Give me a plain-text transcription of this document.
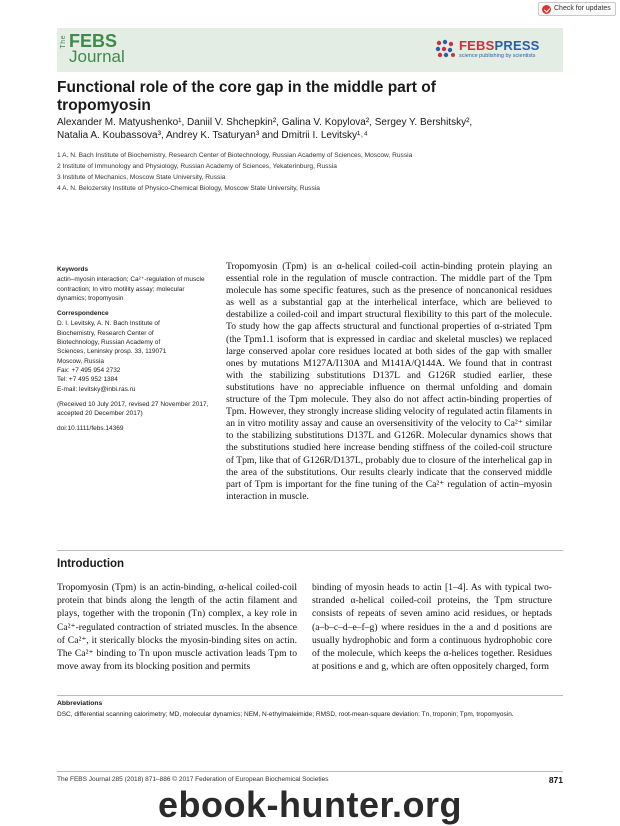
Check for updates
The FEBS
Journal
FEBSPRESS
science publishing by scientists
Functional role of the core gap in the middle part of
tropomyosin
Alexander M. Matyushenko¹, Daniil V. Shchepkin², Galina V. Kopylova², Sergey Y. Bershitsky²,
Natalia A. Koubassova³, Andrey K. Tsaturyan³ and Dmitrii I. Levitsky¹˒⁴
1 A. N. Bach Institute of Biochemistry, Research Center of Biotechnology, Russian Academy of Sciences, Moscow, Russia
2 Institute of Immunology and Physiology, Russian Academy of Sciences, Yekaterinburg, Russia
3 Institute of Mechanics, Moscow State University, Russia
4 A. N. Belozersky Institute of Physico-Chemical Biology, Moscow State University, Russia
Keywords
actin–myosin interaction; Ca²⁺-regulation of muscle contraction; In vitro motility assay; molecular dynamics; tropomyosin
Correspondence
D. I. Levitsky, A. N. Bach Institute of
Biochemistry, Research Center of
Biotechnology, Russian Academy of
Sciences, Leninsky prosp. 33, 119071
Moscow, Russia
Fax: +7 495 954 2732
Tel: +7 495 952 1384
E-mail: levitsky@inbi.ras.ru
(Received 10 July 2017, revised 27 November 2017, accepted 20 December 2017)
doi:10.1111/febs.14369
Tropomyosin (Tpm) is an α-helical coiled-coil actin-binding protein playing an essential role in the regulation of muscle contraction. The middle part of the Tpm molecule has some specific features, such as the presence of noncanonical residues as well as a substantial gap at the interhelical interface, which are believed to destabilize a coiled-coil and impart structural flexibility to this part of the molecule. To study how the gap affects structural and functional properties of α-striated Tpm (the Tpm1.1 isoform that is expressed in cardiac and skeletal muscles) we replaced large conserved apolar core residues located at both sides of the gap with smaller ones by mutations M127A/I130A and M141A/Q144A. We found that in contrast with the stabilizing substitutions D137L and G126R studied earlier, these substitutions have no appreciable influence on thermal unfolding and domain structure of the Tpm molecule. They also do not affect actin-binding properties of Tpm. However, they strongly increase sliding velocity of regulated actin filaments in an in vitro motility assay and cause an oversensitivity of the velocity to Ca²⁺ similar to the stabilizing substitutions D137L and G126R. Molecular dynamics shows that the substitutions studied here increase bending stiffness of the coiled-coil structure of Tpm, like that of G126R/D137L, probably due to closure of the interhelical gap in the area of the substitutions. Our results clearly indicate that the conserved middle part of Tpm is important for the fine tuning of the Ca²⁺ regulation of actin–myosin interaction in muscle.
Introduction
Tropomyosin (Tpm) is an actin-binding, α-helical coiled-coil protein that binds along the length of the actin filament and plays, together with the troponin (Tn) complex, a key role in Ca²⁺-regulated contraction of striated muscles. In the absence of Ca²⁺, it sterically blocks the myosin-binding sites on actin. The Ca²⁺ binding to Tn upon muscle activation leads Tpm to move away from its blocking position and permits
binding of myosin heads to actin [1–4]. As with typical two-stranded α-helical coiled-coil proteins, the Tpm structure consists of repeats of seven amino acid residues, or heptads (a–b–c–d–e–f–g) where residues in the a and d positions are usually hydrophobic and form a continuous hydrophobic core of the molecule, which keeps the α-helices together. Residues at positions e and g, which are often oppositely charged, form
Abbreviations
DSC, differential scanning calorimetry; MD, molecular dynamics; NEM, N-ethylmaleimide; RMSD, root-mean-square deviation; Tn, troponin; Tpm, tropomyosin.
The FEBS Journal 285 (2018) 871–886 © 2017 Federation of European Biochemical Societies	871
ebook-hunter.org
